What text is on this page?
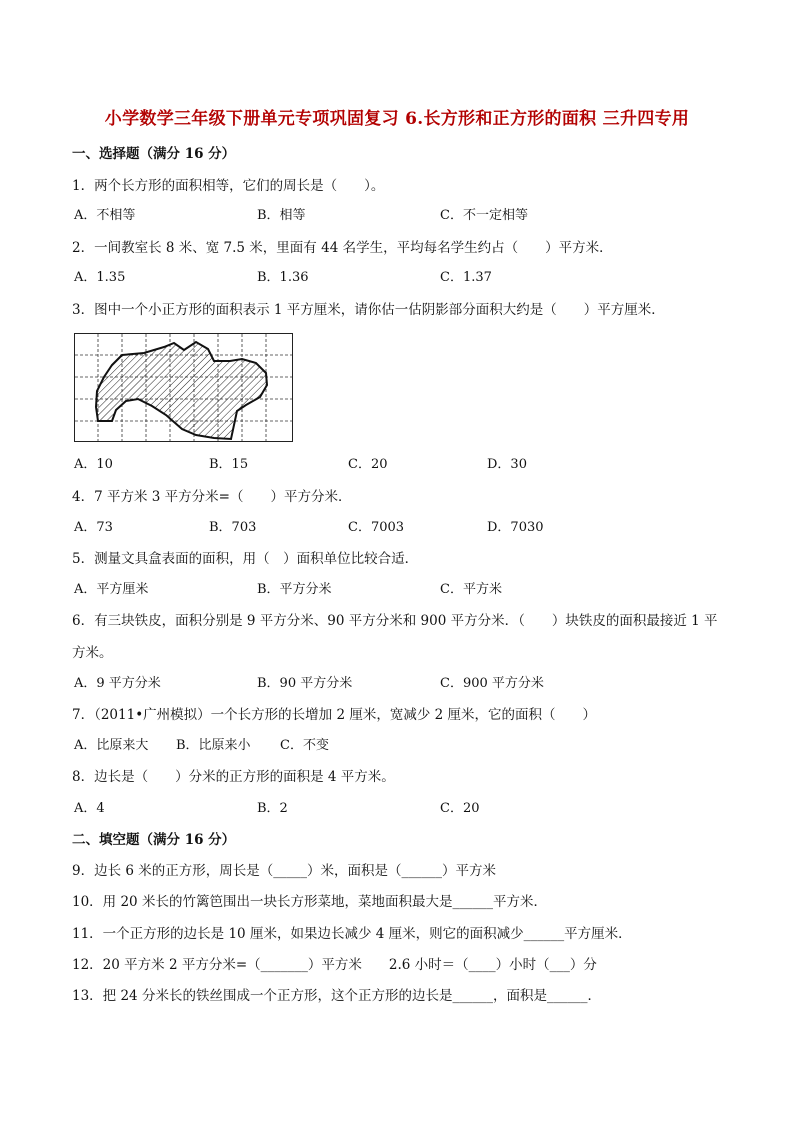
小学数学三年级下册单元专项巩固复习 6.长方形和正方形的面积 三升四专用
一、选择题（满分 16 分）
1．两个长方形的面积相等，它们的周长是（　　）。
A．不相等	B．相等	C．不一定相等
2．一间教室长 8 米、宽 7.5 米，里面有 44 名学生，平均每名学生约占（　　）平方米．
A．1.35	B．1.36	C．1.37
3．图中一个小正方形的面积表示 1 平方厘米，请你估一估阴影部分面积大约是（　　）平方厘米．
A．10	B．15	C．20	D．30
4．7 平方米 3 平方分米=（　　）平方分米．
A．73	B．703	C．7003	D．7030
5．测量文具盒表面的面积，用（　）面积单位比较合适．
A．平方厘米	B．平方分米	C．平方米
6．有三块铁皮，面积分别是 9 平方分米、90 平方分米和 900 平方分米．（　　）块铁皮的面积最接近 1 平
方米。
A．9 平方分米	B．90 平方分米	C．900 平方分米
7．（2011•广州模拟）一个长方形的长增加 2 厘米，宽减少 2 厘米，它的面积（　　）
A．比原来大 B．比原来小 C．不变
8．边长是（　　）分米的正方形的面积是 4 平方米。
A．4	B．2	C．20
二、填空题（满分 16 分）
9．边长 6 米的正方形，周长是（_____）米，面积是（______）平方米
10．用 20 米长的竹篱笆围出一块长方形菜地，菜地面积最大是______平方米．
11．一个正方形的边长是 10 厘米，如果边长减少 4 厘米，则它的面积减少______平方厘米．
12．20 平方米 2 平方分米=（_______）平方米　　2.6 小时＝（____）小时（___）分
13．把 24 分米长的铁丝围成一个正方形，这个正方形的边长是______，面积是______．
